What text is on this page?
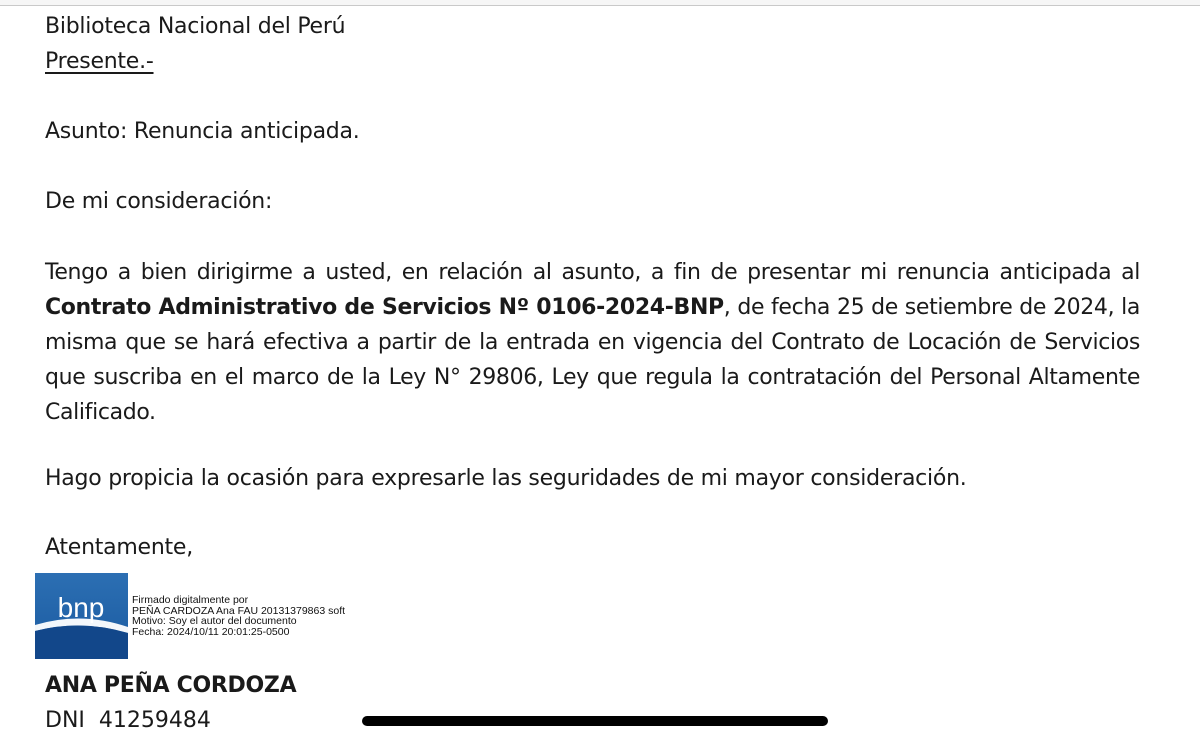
Biblioteca Nacional del Perú
Presente.-
Asunto: Renuncia anticipada.
De mi consideración:
Tengo a bien dirigirme a usted, en relación al asunto, a fin de presentar mi renuncia anticipada al Contrato Administrativo de Servicios Nº 0106-2024-BNP, de fecha 25 de setiembre de 2024, la misma que se hará efectiva a partir de la entrada en vigencia del Contrato de Locación de Servicios que suscriba en el marco de la Ley N° 29806, Ley que regula la contratación del Personal Altamente Calificado.
Hago propicia la ocasión para expresarle las seguridades de mi mayor consideración.
Atentamente,
bnp	Firmado digitalmente por
PEÑA CARDOZA Ana FAU 20131379863 soft
Motivo: Soy el autor del documento
Fecha: 2024/10/11 20:01:25-0500
ANA PEÑA CORDOZA
DNI  41259484
